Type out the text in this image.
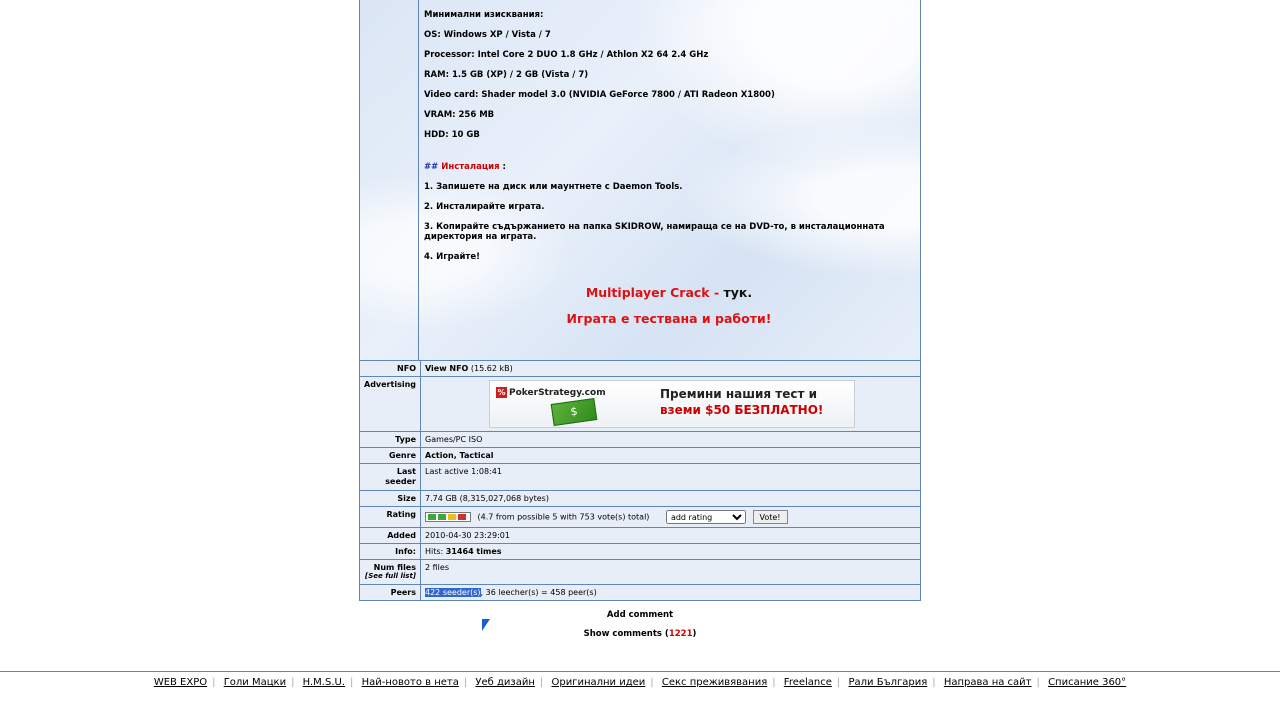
Минимални изисквания:

OS: Windows XP / Vista / 7

Processor: Intel Core 2 DUO 1.8 GHz / Athlon X2 64 2.4 GHz

RAM: 1.5 GB (XP) / 2 GB (Vista / 7)

Video card: Shader model 3.0 (NVIDIA GeForce 7800 / ATI Radeon X1800)

VRAM: 256 MB

HDD: 10 GB

## Инсталация :

1. Запишете на диск или маунтнете с Daemon Tools.

2. Инсталирайте играта.

3. Копирайте съдържанието на папка SKIDROW, намираща се на DVD-то, в инсталационната директория на играта.

4. Играйте!

Multiplayer Crack - тук.

Играта е тествана и работи!

NFO	View NFO (15.62 kB)
Advertising	% PokerStrategy.com
$
Премини нашия тест и
вземи $50 БЕЗПЛАТНО!

Type	Games/PC ISO
Genre	Action, Tactical
Last seeder	Last active 1:08:41
Size	7.74 GB (8,315,027,068 bytes)
Rating	(4.7 from possible 5 with 753 vote(s) total)
add rating Vote!
Added	2010-04-30 23:29:01
Info:	Hits: 31464 times

Num files
[See full list]	2 files
Peers	422 seeder(s), 36 leecher(s) = 458 peer(s)
Add comment
Show comments (1221)
WEB EXPO | Голи Мацки | H.M.S.U. | Най-новото в нета | Уеб дизайн | Оригинални идеи | Секс преживявания | Freelance | Рали България | Направа на сайт | Списание 360°
